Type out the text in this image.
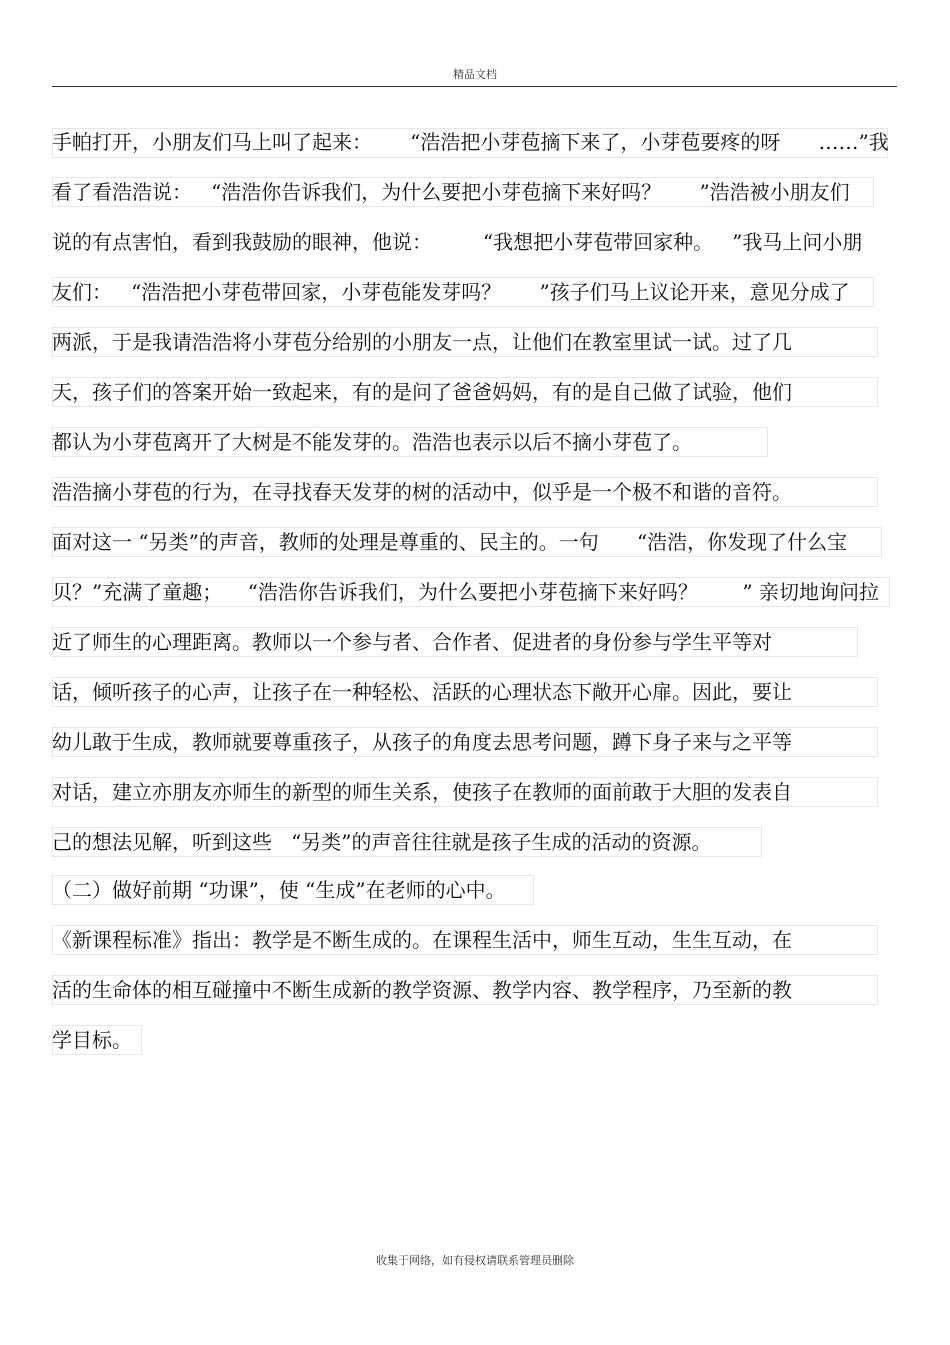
精品文档
手帕打开，小朋友们马上叫了起来：      “浩浩把小芽苞摘下来了，小芽苞要疼的呀      ……”我
看了看浩浩说：   “浩浩你告诉我们，为什么要把小芽苞摘下来好吗？      ”浩浩被小朋友们
说的有点害怕，看到我鼓励的眼神，他说：        “我想把小芽苞带回家种。   ”我马上问小朋
友们：   “浩浩把小芽苞带回家，小芽苞能发芽吗？      ”孩子们马上议论开来，意见分成了
两派，于是我请浩浩将小芽苞分给别的小朋友一点，让他们在教室里试一试。过了几
天，孩子们的答案开始一致起来，有的是问了爸爸妈妈，有的是自己做了试验，他们
都认为小芽苞离开了大树是不能发芽的。浩浩也表示以后不摘小芽苞了。
浩浩摘小芽苞的行为，在寻找春天发芽的树的活动中，似乎是一个极不和谐的音符。
面对这一 “另类”的声音，教师的处理是尊重的、民主的。一句      “浩浩，你发现了什么宝
贝？”充满了童趣；    “浩浩你告诉我们，为什么要把小芽苞摘下来好吗？       ” 亲切地询问拉
近了师生的心理距离。教师以一个参与者、合作者、促进者的身份参与学生平等对
话，倾听孩子的心声，让孩子在一种轻松、活跃的心理状态下敞开心扉。因此，要让
幼儿敢于生成，教师就要尊重孩子，从孩子的角度去思考问题，蹲下身子来与之平等
对话，建立亦朋友亦师生的新型的师生关系，使孩子在教师的面前敢于大胆的发表自
己的想法见解，听到这些   “另类”的声音往往就是孩子生成的活动的资源。
（二）做好前期 “功课”，使 “生成”在老师的心中。
《新课程标准》指出：教学是不断生成的。在课程生活中，师生互动，生生互动，在
活的生命体的相互碰撞中不断生成新的教学资源、教学内容、教学程序，乃至新的教
学目标。
收集于网络，如有侵权请联系管理员删除
